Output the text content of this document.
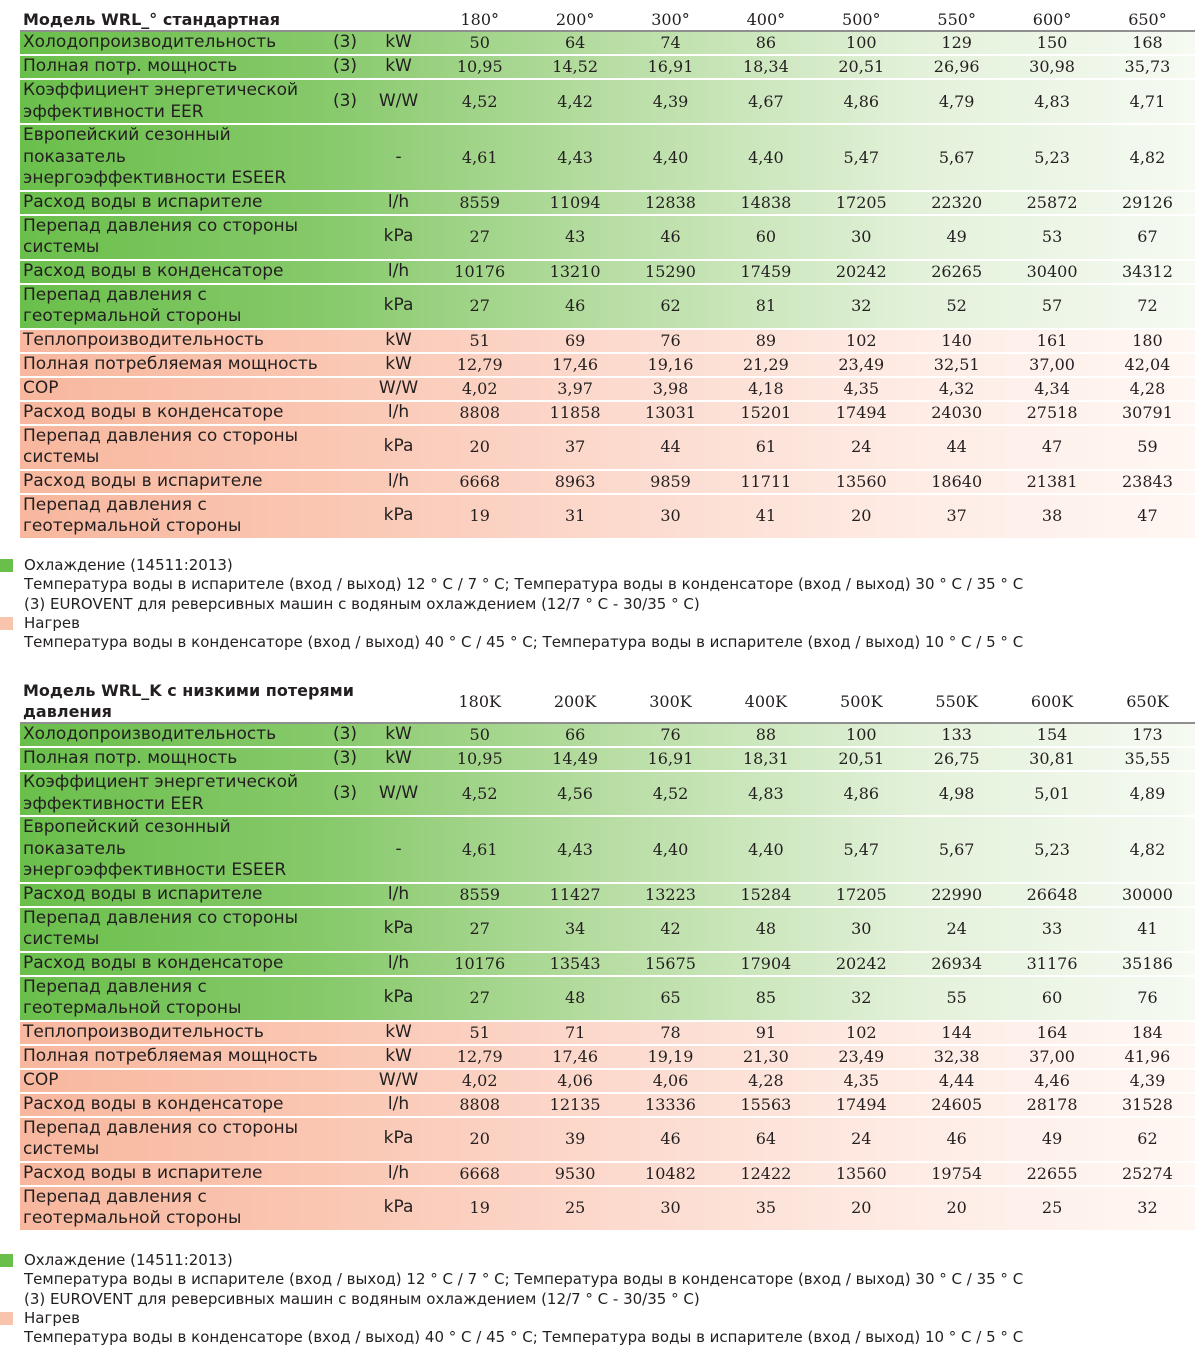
Модель WRL_° стандартная			180°	200°	300°	400°	500°	550°	600°	650°
Холодопроизводительность	(3)	kW	50	64	74	86	100	129	150	168
Полная потр. мощность	(3)	kW	10,95	14,52	16,91	18,34	20,51	26,96	30,98	35,73
Коэффициент энергетической эффективности EER	(3)	W/W	4,52	4,42	4,39	4,67	4,86	4,79	4,83	4,71
Европейский сезонный показатель энергоэффективности ESEER		-	4,61	4,43	4,40	4,40	5,47	5,67	5,23	4,82
Расход воды в испарителе		l/h	8559	11094	12838	14838	17205	22320	25872	29126
Перепад давления со стороны системы		kPa	27	43	46	60	30	49	53	67
Расход воды в конденсаторе		l/h	10176	13210	15290	17459	20242	26265	30400	34312
Перепад давления с геотермальной стороны		kPa	27	46	62	81	32	52	57	72
Теплопроизводительность		kW	51	69	76	89	102	140	161	180
Полная потребляемая мощность		kW	12,79	17,46	19,16	21,29	23,49	32,51	37,00	42,04
COP		W/W	4,02	3,97	3,98	4,18	4,35	4,32	4,34	4,28
Расход воды в конденсаторе		l/h	8808	11858	13031	15201	17494	24030	27518	30791
Перепад давления со стороны системы		kPa	20	37	44	61	24	44	47	59
Расход воды в испарителе		l/h	6668	8963	9859	11711	13560	18640	21381	23843
Перепад давления с геотермальной стороны		kPa	19	31	30	41	20	37	38	47
Охлаждение (14511:2013)
Температура воды в испарителе (вход / выход) 12 ° С / 7 ° С; Температура воды в конденсаторе (вход / выход) 30 ° С / 35 ° С
(3) EUROVENT для реверсивных машин с водяным охлаждением (12/7 ° С - 30/35 ° С)
Нагрев
Температура воды в конденсаторе (вход / выход) 40 ° С / 45 ° С; Температура воды в испарителе (вход / выход) 10 ° С / 5 ° С
Модель WRL_K с низкими потерями давления			180K	200K	300K	400K	500K	550K	600K	650K
Холодопроизводительность	(3)	kW	50	66	76	88	100	133	154	173
Полная потр. мощность	(3)	kW	10,95	14,49	16,91	18,31	20,51	26,75	30,81	35,55
Коэффициент энергетической эффективности EER	(3)	W/W	4,52	4,56	4,52	4,83	4,86	4,98	5,01	4,89
Европейский сезонный показатель энергоэффективности ESEER		-	4,61	4,43	4,40	4,40	5,47	5,67	5,23	4,82
Расход воды в испарителе		l/h	8559	11427	13223	15284	17205	22990	26648	30000
Перепад давления со стороны системы		kPa	27	34	42	48	30	24	33	41
Расход воды в конденсаторе		l/h	10176	13543	15675	17904	20242	26934	31176	35186
Перепад давления с геотермальной стороны		kPa	27	48	65	85	32	55	60	76
Теплопроизводительность		kW	51	71	78	91	102	144	164	184
Полная потребляемая мощность		kW	12,79	17,46	19,19	21,30	23,49	32,38	37,00	41,96
COP		W/W	4,02	4,06	4,06	4,28	4,35	4,44	4,46	4,39
Расход воды в конденсаторе		l/h	8808	12135	13336	15563	17494	24605	28178	31528
Перепад давления со стороны системы		kPa	20	39	46	64	24	46	49	62
Расход воды в испарителе		l/h	6668	9530	10482	12422	13560	19754	22655	25274
Перепад давления с геотермальной стороны		kPa	19	25	30	35	20	20	25	32
Охлаждение (14511:2013)
Температура воды в испарителе (вход / выход) 12 ° С / 7 ° С; Температура воды в конденсаторе (вход / выход) 30 ° С / 35 ° С
(3) EUROVENT для реверсивных машин с водяным охлаждением (12/7 ° С - 30/35 ° С)
Нагрев
Температура воды в конденсаторе (вход / выход) 40 ° С / 45 ° С; Температура воды в испарителе (вход / выход) 10 ° С / 5 ° С
